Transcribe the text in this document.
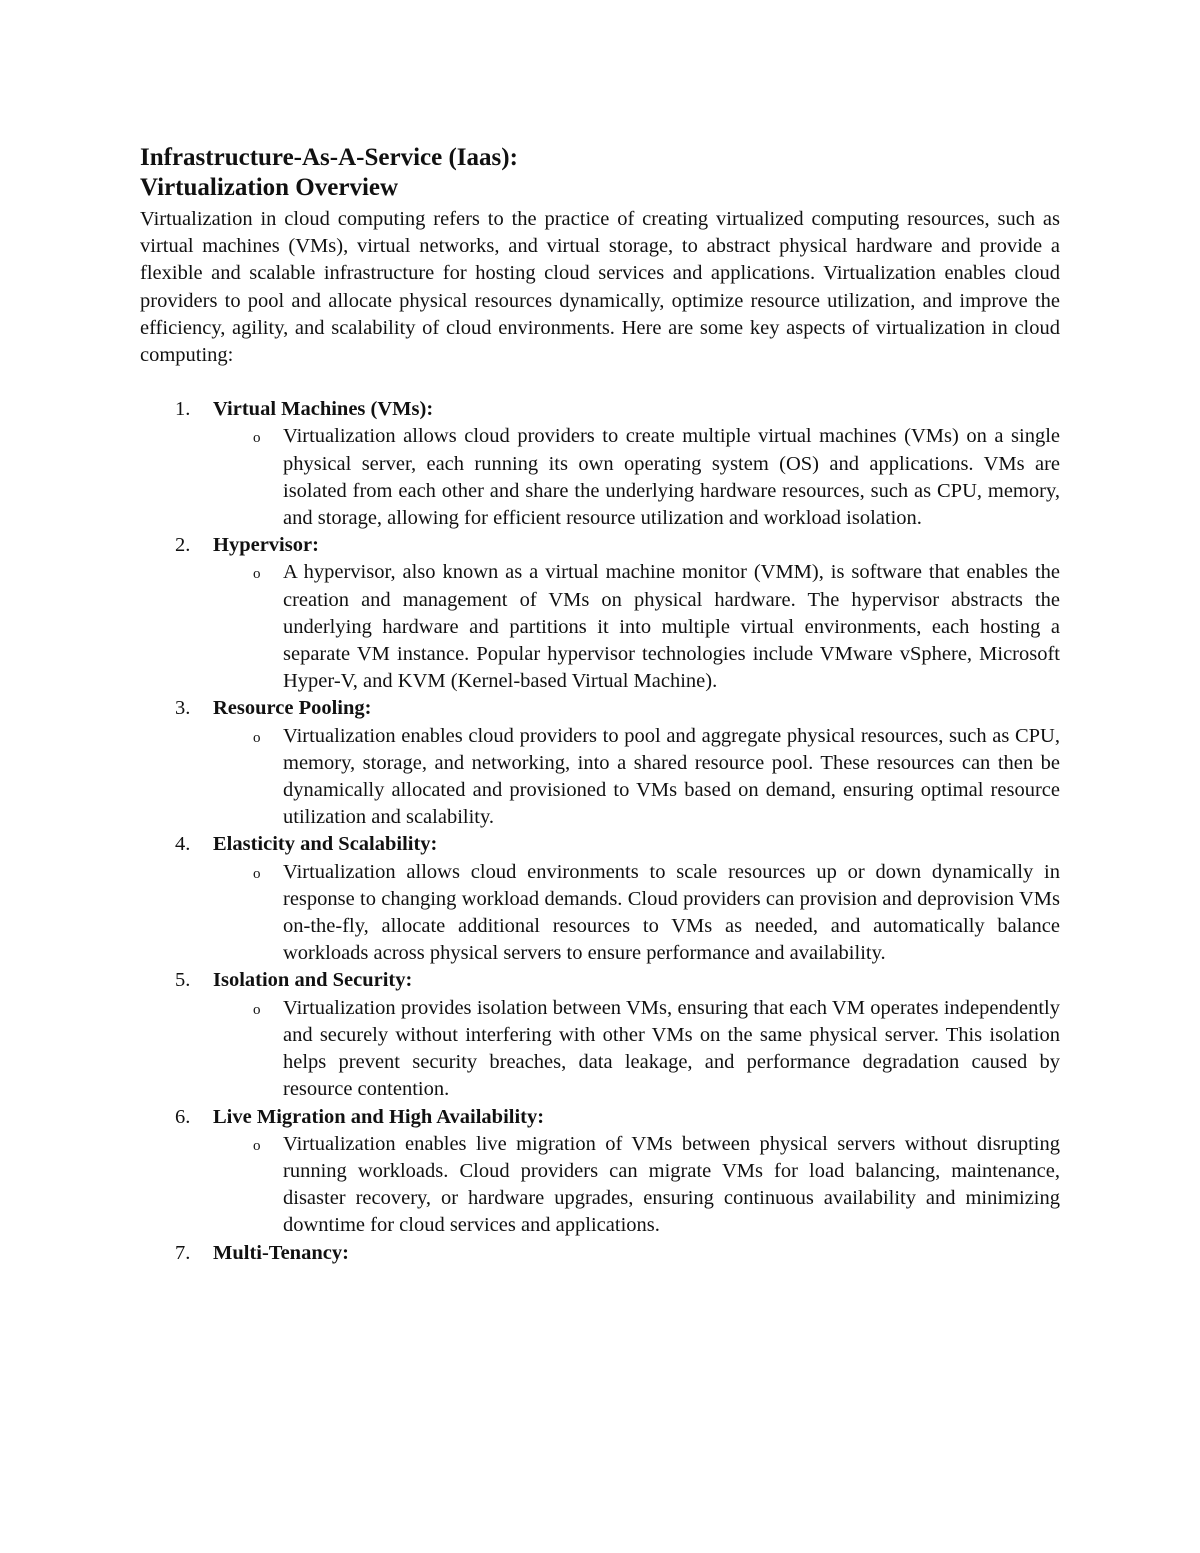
Infrastructure-As-A-Service (Iaas):
Virtualization Overview

Virtualization in cloud computing refers to the practice of creating virtualized computing resources, such as virtual machines (VMs), virtual networks, and virtual storage, to abstract physical hardware and provide a flexible and scalable infrastructure for hosting cloud services and applications. Virtualization enables cloud providers to pool and allocate physical resources dynamically, optimize resource utilization, and improve the efficiency, agility, and scalability of cloud environments. Here are some key aspects of virtualization in cloud computing:

1. Virtual Machines (VMs):
o Virtualization allows cloud providers to create multiple virtual machines (VMs) on a single physical server, each running its own operating system (OS) and applications. VMs are isolated from each other and share the underlying hardware resources, such as CPU, memory, and storage, allowing for efficient resource utilization and workload isolation.
2. Hypervisor:
o A hypervisor, also known as a virtual machine monitor (VMM), is software that enables the creation and management of VMs on physical hardware. The hypervisor abstracts the underlying hardware and partitions it into multiple virtual environments, each hosting a separate VM instance. Popular hypervisor technologies include VMware vSphere, Microsoft Hyper-V, and KVM (Kernel-based Virtual Machine).
3. Resource Pooling:
o Virtualization enables cloud providers to pool and aggregate physical resources, such as CPU, memory, storage, and networking, into a shared resource pool. These resources can then be dynamically allocated and provisioned to VMs based on demand, ensuring optimal resource utilization and scalability.
4. Elasticity and Scalability:
o Virtualization allows cloud environments to scale resources up or down dynamically in response to changing workload demands. Cloud providers can provision and deprovision VMs on-the-fly, allocate additional resources to VMs as needed, and automatically balance workloads across physical servers to ensure performance and availability.
5. Isolation and Security:
o Virtualization provides isolation between VMs, ensuring that each VM operates independently and securely without interfering with other VMs on the same physical server. This isolation helps prevent security breaches, data leakage, and performance degradation caused by resource contention.
6. Live Migration and High Availability:
o Virtualization enables live migration of VMs between physical servers without disrupting running workloads. Cloud providers can migrate VMs for load balancing, maintenance, disaster recovery, or hardware upgrades, ensuring continuous availability and minimizing downtime for cloud services and applications.
7. Multi-Tenancy:
